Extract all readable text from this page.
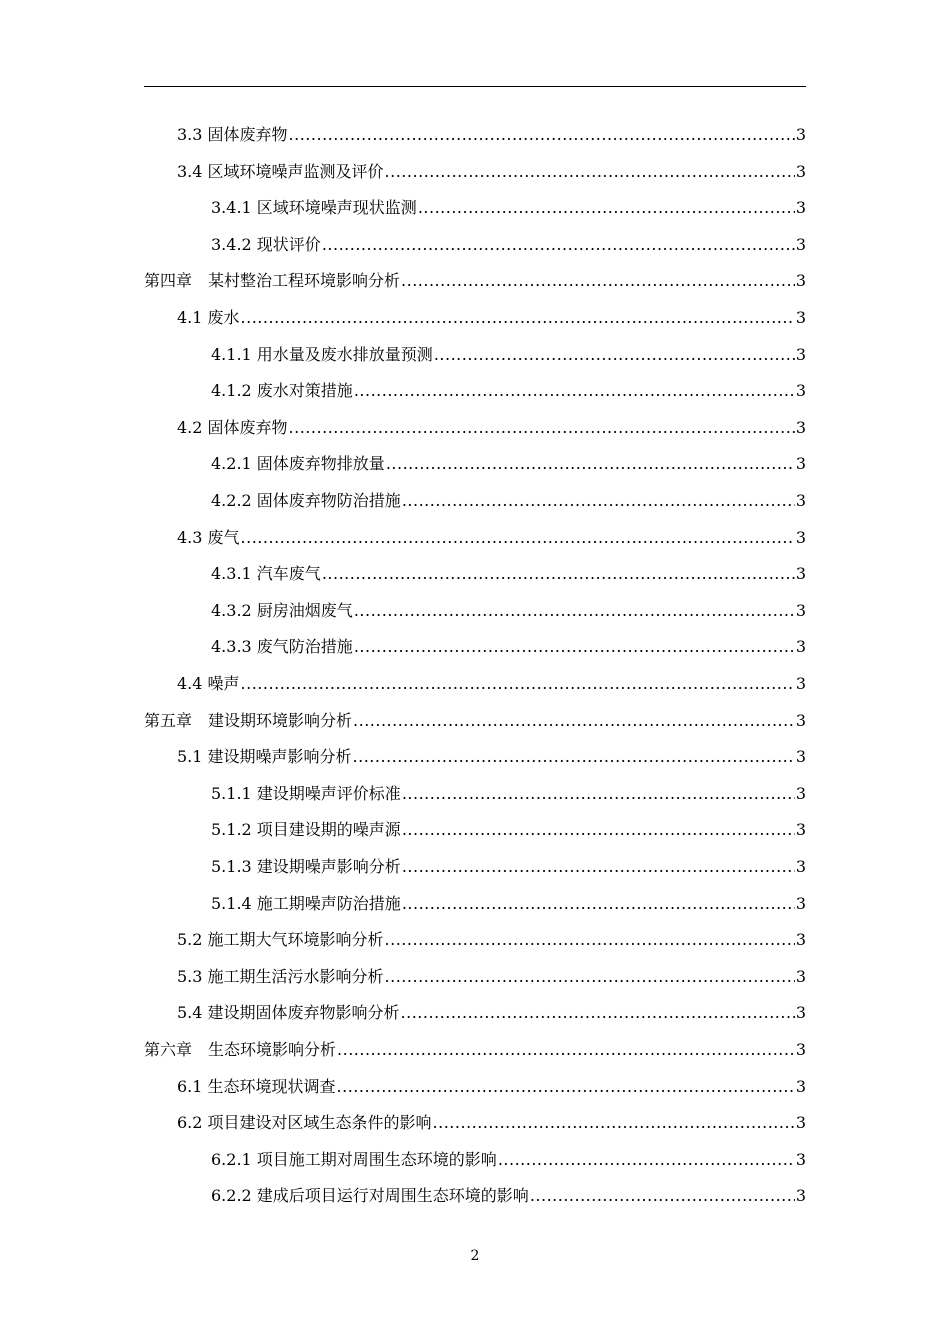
3.3 固体废弃物 .....	3
3.4 区域环境噪声监测及评价 .....	3
3.4.1 区域环境噪声现状监测 .....	3
3.4.2 现状评价 .....	3
第四章　某村整治工程环境影响分析 .....	3
4.1 废水 .....	3
4.1.1 用水量及废水排放量预测 .....	3
4.1.2 废水对策措施 .....	3
4.2 固体废弃物 .....	3
4.2.1 固体废弃物排放量 .....	3
4.2.2 固体废弃物防治措施 .....	3
4.3 废气 .....	3
4.3.1 汽车废气 .....	3
4.3.2 厨房油烟废气 .....	3
4.3.3 废气防治措施 .....	3
4.4 噪声 .....	3
第五章　建设期环境影响分析 .....	3
5.1 建设期噪声影响分析 .....	3
5.1.1 建设期噪声评价标准 .....	3
5.1.2 项目建设期的噪声源 .....	3
5.1.3 建设期噪声影响分析 .....	3
5.1.4 施工期噪声防治措施 .....	3
5.2 施工期大气环境影响分析 .....	3
5.3 施工期生活污水影响分析 .....	3
5.4 建设期固体废弃物影响分析 .....	3
第六章　生态环境影响分析 .....	3
6.1 生态环境现状调查 .....	3
6.2 项目建设对区域生态条件的影响 .....	3
6.2.1 项目施工期对周围生态环境的影响 .....	3
6.2.2 建成后项目运行对周围生态环境的影响 .....	3
2
